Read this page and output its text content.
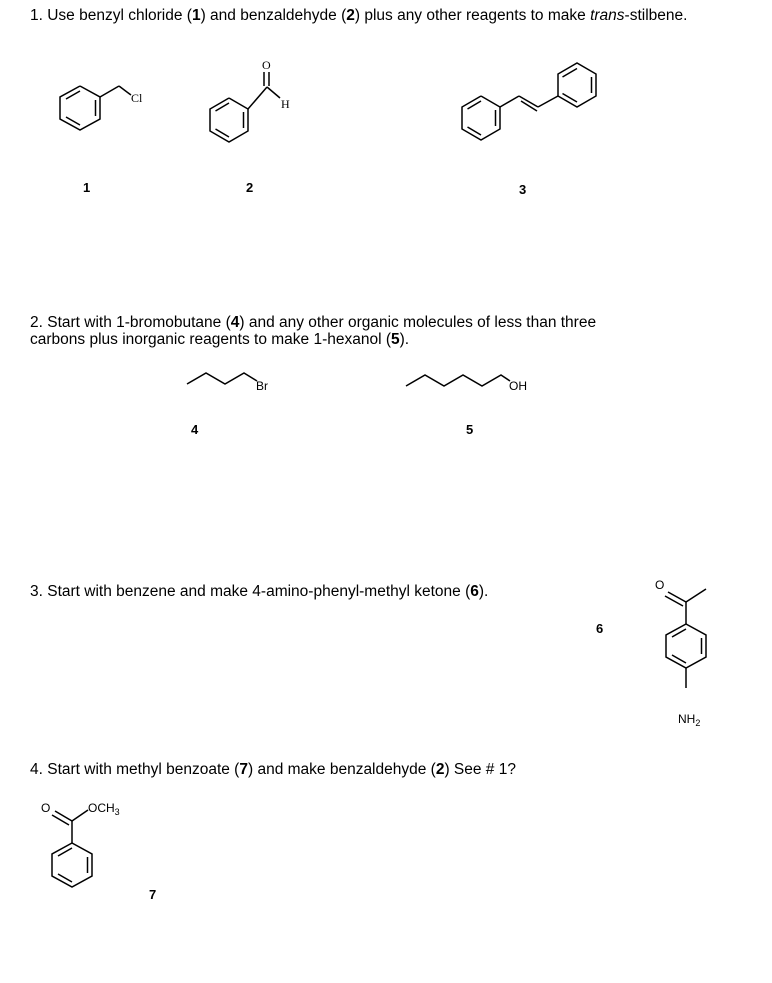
1. Use benzyl chloride (1) and benzaldehyde (2) plus any other reagents to make trans-stilbene.
2. Start with 1-bromobutane (4) and any other organic molecules of less than three
carbons plus inorganic reagents to make 1-hexanol (5).
3. Start with benzene and make 4-amino-phenyl-methyl ketone (6).
4. Start with methyl benzoate (7) and make benzaldehyde (2) See # 1?
Cl
O
H
Br	OH
O
$NH_2$
O	$OCH_3$
1	2	3
4	5
6
7
